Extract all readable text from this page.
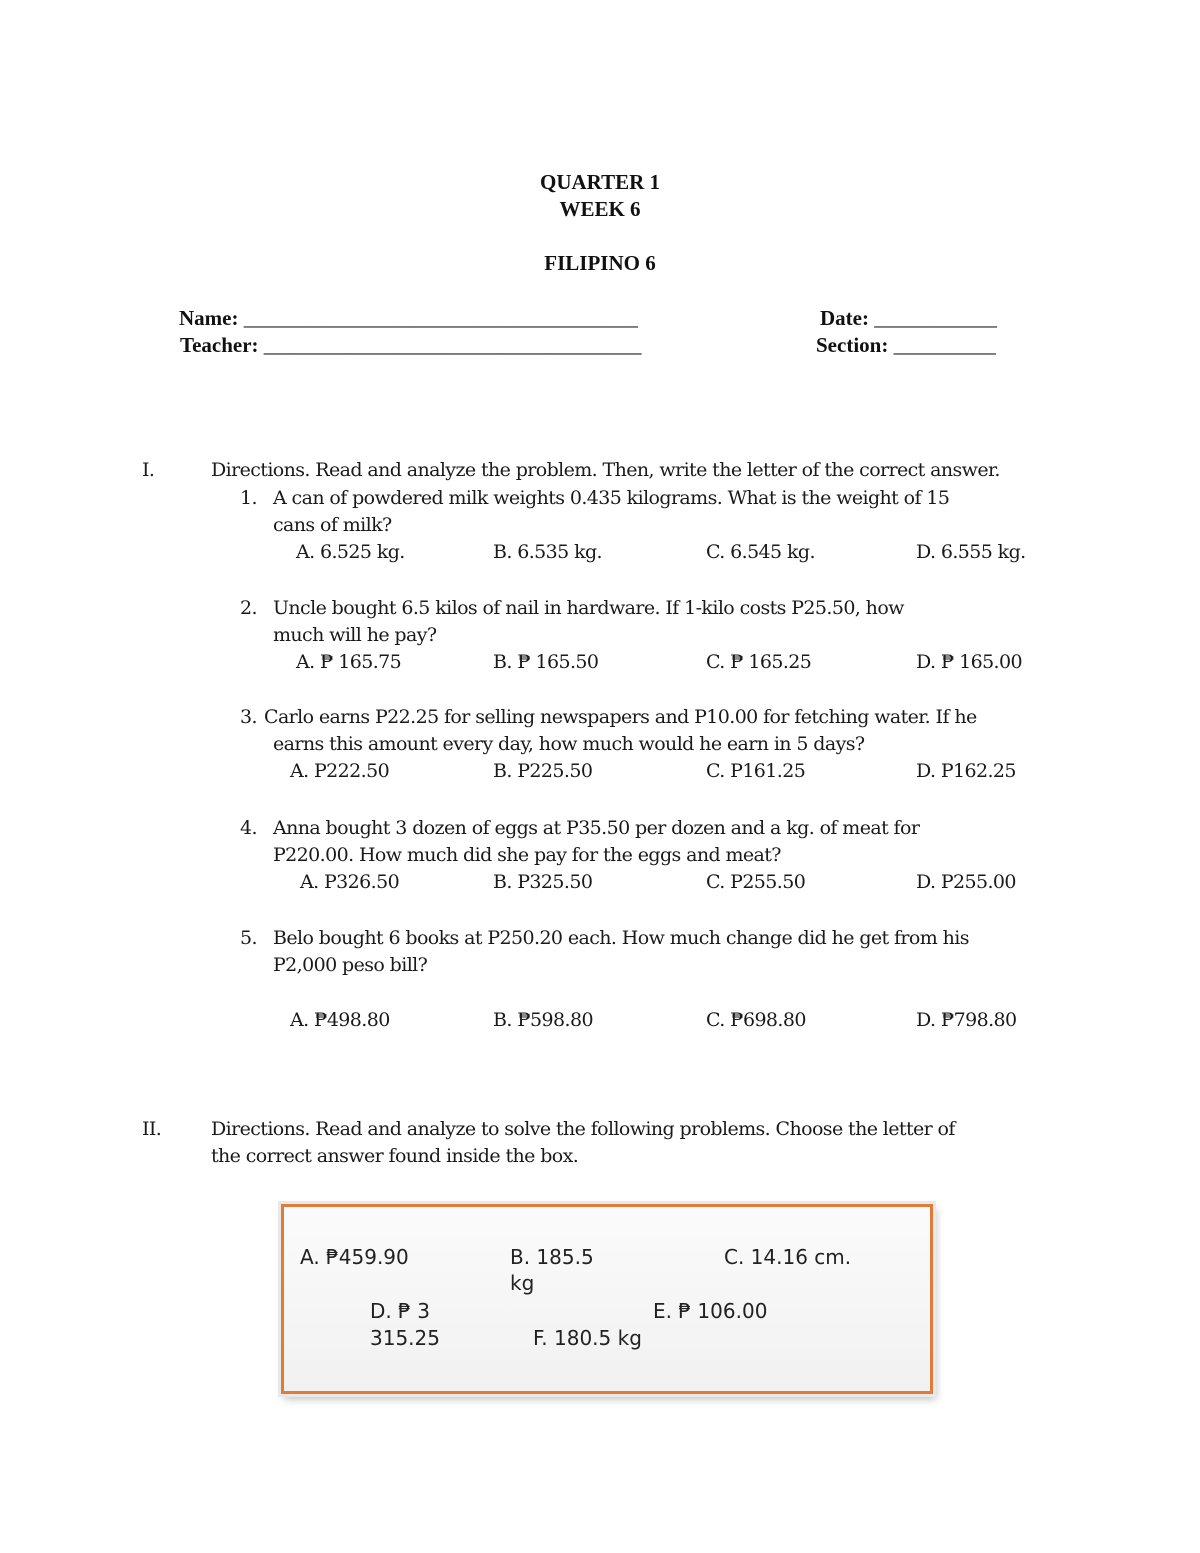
QUARTER 1
WEEK 6
FILIPINO 6
Name: _______________________________________
Teacher: _____________________________________
Date: ____________
Section: __________
I.	Directions. Read and analyze the problem. Then, write the letter of the correct answer.
1. A can of powdered milk weights 0.435 kilograms. What is the weight of 15
cans of milk?
A. 6.525 kg.	B. 6.535 kg.	C. 6.545 kg.	D. 6.555 kg.
2. Uncle bought 6.5 kilos of nail in hardware. If 1-kilo costs P25.50, how
much will he pay?
A. ₱ 165.75	B. ₱ 165.50	C. ₱ 165.25	D. ₱ 165.00
3. Carlo earns P22.25 for selling newspapers and P10.00 for fetching water. If he
earns this amount every day, how much would he earn in 5 days?
A. P222.50	B. P225.50	C. P161.25	D. P162.25
4. Anna bought 3 dozen of eggs at P35.50 per dozen and a kg. of meat for
P220.00. How much did she pay for the eggs and meat?
A. P326.50	B. P325.50	C. P255.50	D. P255.00
5. Belo bought 6 books at P250.20 each. How much change did he get from his
P2,000 peso bill?
A. ₱498.80	B. ₱598.80	C. ₱698.80	D. ₱798.80
II.	Directions. Read and analyze to solve the following problems. Choose the letter of
the correct answer found inside the box.
A. ₱459.90	B. 185.5
kg
C. 14.16 cm.
D. ₱ 3
315.25
E. ₱ 106.00
F. 180.5 kg
